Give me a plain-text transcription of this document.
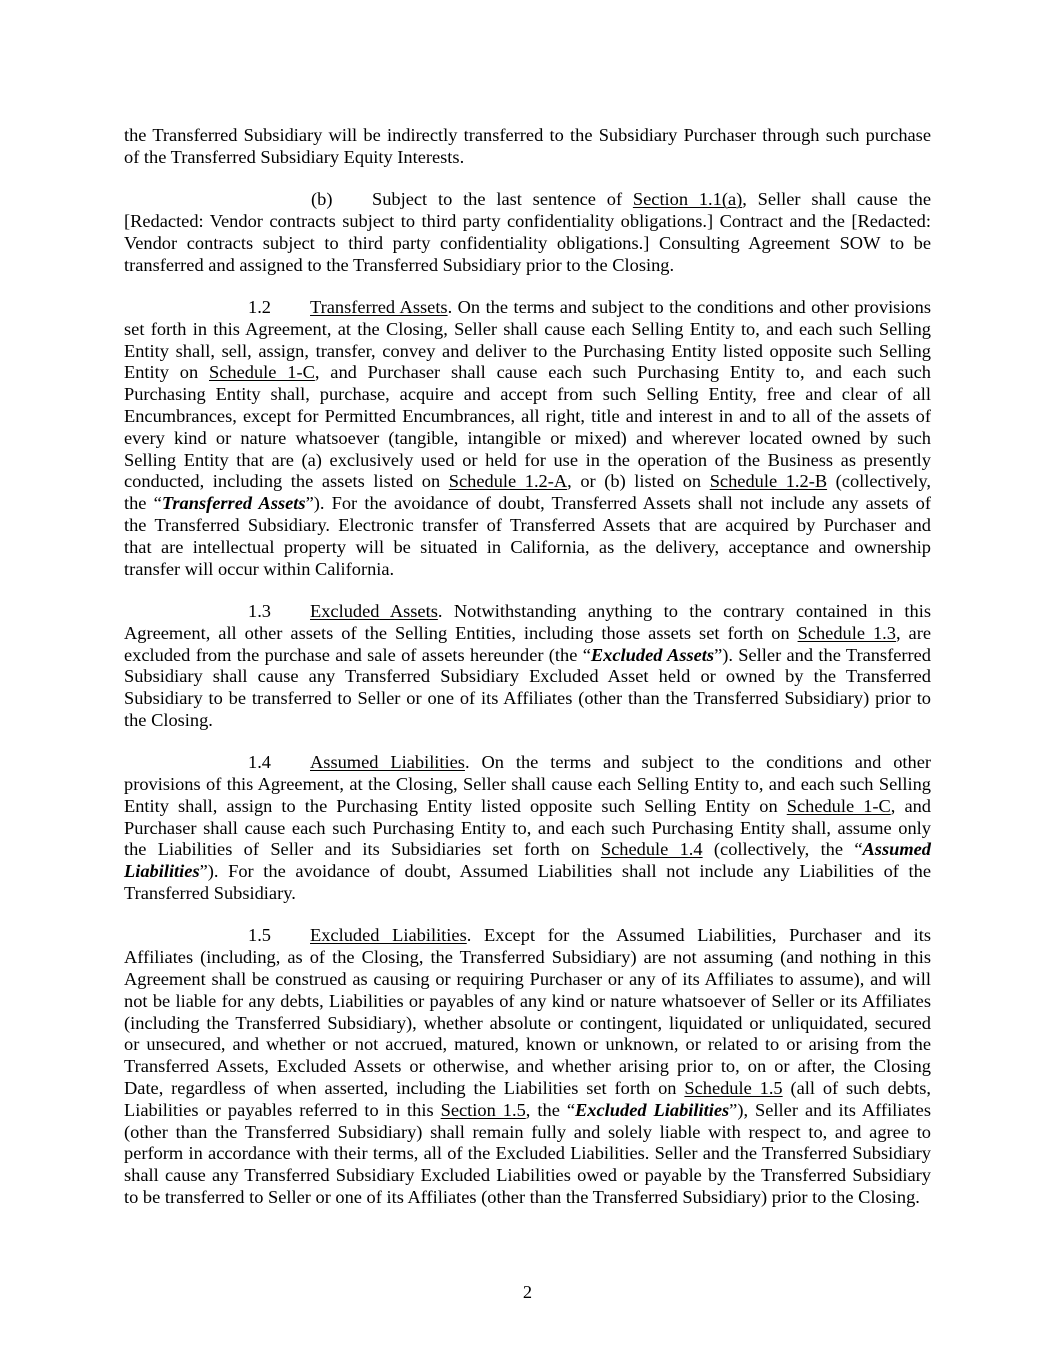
the Transferred Subsidiary will be indirectly transferred to the Subsidiary Purchaser through such purchase
of the Transferred Subsidiary Equity Interests.
(b) Subject to the last sentence of Section 1.1(a), Seller shall cause the
[Redacted: Vendor contracts subject to third party confidentiality obligations.] Contract and the [Redacted:
Vendor contracts subject to third party confidentiality obligations.] Consulting Agreement SOW to be
transferred and assigned to the Transferred Subsidiary prior to the Closing.
1.2 Transferred Assets. On the terms and subject to the conditions and other provisions
set forth in this Agreement, at the Closing, Seller shall cause each Selling Entity to, and each such Selling
Entity shall, sell, assign, transfer, convey and deliver to the Purchasing Entity listed opposite such Selling
Entity on Schedule 1-C, and Purchaser shall cause each such Purchasing Entity to, and each such
Purchasing Entity shall, purchase, acquire and accept from such Selling Entity, free and clear of all
Encumbrances, except for Permitted Encumbrances, all right, title and interest in and to all of the assets of
every kind or nature whatsoever (tangible, intangible or mixed) and wherever located owned by such
Selling Entity that are (a) exclusively used or held for use in the operation of the Business as presently
conducted, including the assets listed on Schedule 1.2-A, or (b) listed on Schedule 1.2-B (collectively,
the “Transferred Assets”). For the avoidance of doubt, Transferred Assets shall not include any assets of
the Transferred Subsidiary. Electronic transfer of Transferred Assets that are acquired by Purchaser and
that are intellectual property will be situated in California, as the delivery, acceptance and ownership
transfer will occur within California.
1.3 Excluded Assets. Notwithstanding anything to the contrary contained in this
Agreement, all other assets of the Selling Entities, including those assets set forth on Schedule 1.3, are
excluded from the purchase and sale of assets hereunder (the “Excluded Assets”). Seller and the Transferred
Subsidiary shall cause any Transferred Subsidiary Excluded Asset held or owned by the Transferred
Subsidiary to be transferred to Seller or one of its Affiliates (other than the Transferred Subsidiary) prior to
the Closing.
1.4 Assumed Liabilities. On the terms and subject to the conditions and other
provisions of this Agreement, at the Closing, Seller shall cause each Selling Entity to, and each such Selling
Entity shall, assign to the Purchasing Entity listed opposite such Selling Entity on Schedule 1-C, and
Purchaser shall cause each such Purchasing Entity to, and each such Purchasing Entity shall, assume only
the Liabilities of Seller and its Subsidiaries set forth on Schedule 1.4 (collectively, the “Assumed
Liabilities”). For the avoidance of doubt, Assumed Liabilities shall not include any Liabilities of the
Transferred Subsidiary.
1.5 Excluded Liabilities. Except for the Assumed Liabilities, Purchaser and its
Affiliates (including, as of the Closing, the Transferred Subsidiary) are not assuming (and nothing in this
Agreement shall be construed as causing or requiring Purchaser or any of its Affiliates to assume), and will
not be liable for any debts, Liabilities or payables of any kind or nature whatsoever of Seller or its Affiliates
(including the Transferred Subsidiary), whether absolute or contingent, liquidated or unliquidated, secured
or unsecured, and whether or not accrued, matured, known or unknown, or related to or arising from the
Transferred Assets, Excluded Assets or otherwise, and whether arising prior to, on or after, the Closing
Date, regardless of when asserted, including the Liabilities set forth on Schedule 1.5 (all of such debts,
Liabilities or payables referred to in this Section 1.5, the “Excluded Liabilities”), Seller and its Affiliates
(other than the Transferred Subsidiary) shall remain fully and solely liable with respect to, and agree to
perform in accordance with their terms, all of the Excluded Liabilities. Seller and the Transferred Subsidiary
shall cause any Transferred Subsidiary Excluded Liabilities owed or payable by the Transferred Subsidiary
to be transferred to Seller or one of its Affiliates (other than the Transferred Subsidiary) prior to the Closing.
2
